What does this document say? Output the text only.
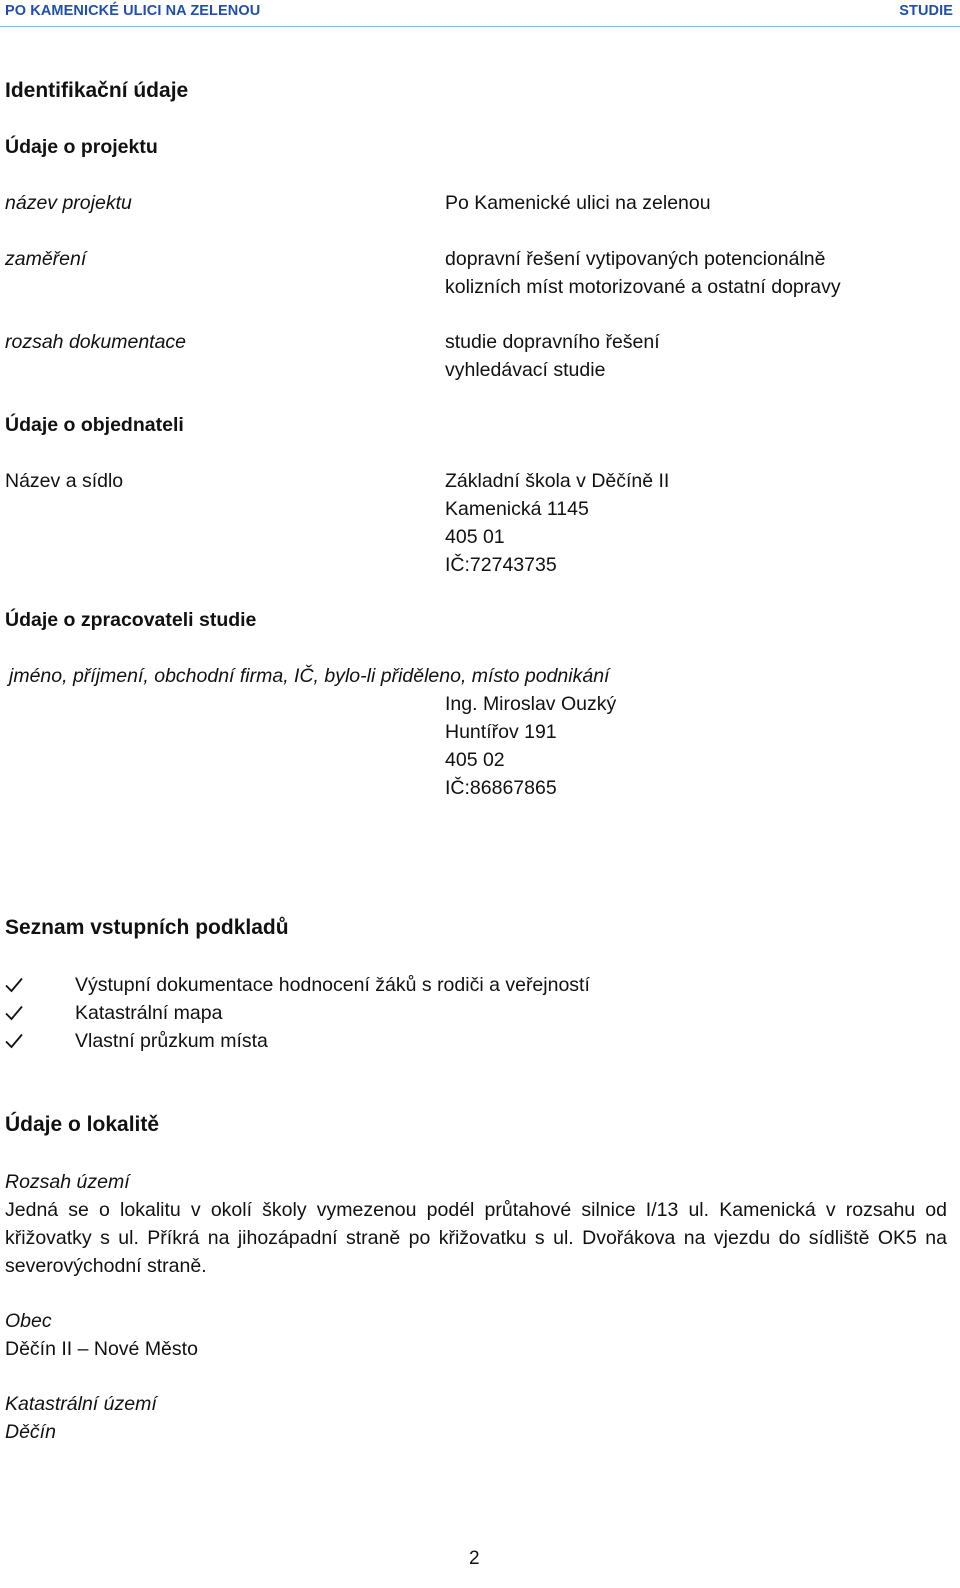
PO KAMENICKÉ ULICI NA ZELENOU	STUDIE
Identifikační údaje
Údaje o projektu
název projektu	Po Kamenické ulici na zelenou
zaměření	dopravní řešení vytipovaných potencionálně
kolizních míst motorizované a ostatní dopravy
rozsah dokumentace	studie dopravního řešení
vyhledávací studie
Údaje o objednateli
Název a sídlo	Základní škola v Děčíně II
Kamenická 1145
405 01
IČ:72743735
Údaje o zpracovateli studie
jméno, příjmení, obchodní firma, IČ, bylo-li přiděleno, místo podnikání
Ing. Miroslav Ouzký
Huntířov 191
405 02
IČ:86867865
Seznam vstupních podkladů
Výstupní dokumentace hodnocení žáků s rodiči a veřejností
Katastrální mapa
Vlastní průzkum místa
Údaje o lokalitě
Rozsah území
Jedná se o lokalitu v okolí školy vymezenou podél průtahové silnice I/13 ul. Kamenická v rozsahu od křižovatky s ul. Příkrá na jihozápadní straně po křižovatku s ul. Dvořákova na vjezdu do sídliště OK5 na severovýchodní straně.
Obec
Děčín II – Nové Město
Katastrální území
Děčín
2
